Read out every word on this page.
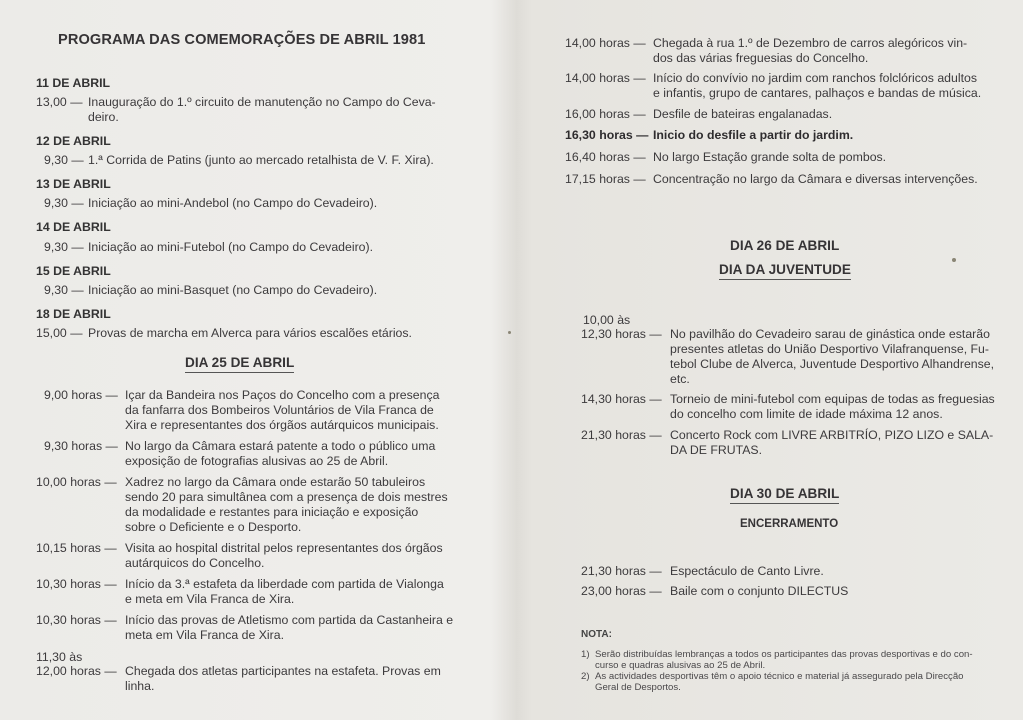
PROGRAMA DAS COMEMORAÇÕES DE ABRIL 1981
11 DE ABRIL
13,00 — Inauguração do 1.º circuito de manutenção no Campo do Ceva-
deiro.
12 DE ABRIL
9,30 — 1.ª Corrida de Patins (junto ao mercado retalhista de V. F. Xira).
13 DE ABRIL
9,30 — Iniciação ao mini-Andebol (no Campo do Cevadeiro).
14 DE ABRIL
9,30 — Iniciação ao mini-Futebol (no Campo do Cevadeiro).
15 DE ABRIL
9,30 — Iniciação ao mini-Basquet (no Campo do Cevadeiro).
18 DE ABRIL
15,00 — Provas de marcha em Alverca para vários escalões etários.
DIA 25 DE ABRIL
9,00 horas — Içar da Bandeira nos Paços do Concelho com a presença
da fanfarra dos Bombeiros Voluntários de Vila Franca de
Xira e representantes dos órgãos autárquicos municipais.
9,30 horas — No largo da Câmara estará patente a todo o público uma
exposição de fotografias alusivas ao 25 de Abril.
10,00 horas — Xadrez no largo da Câmara onde estarão 50 tabuleiros
sendo 20 para simultânea com a presença de dois mestres
da modalidade e restantes para iniciação e exposição
sobre o Deficiente e o Desporto.
10,15 horas — Visita ao hospital distrital pelos representantes dos órgãos
autárquicos do Concelho.
10,30 horas — Início da 3.ª estafeta da liberdade com partida de Vialonga
e meta em Vila Franca de Xira.
10,30 horas — Início das provas de Atletismo com partida da Castanheira e
meta em Vila Franca de Xira.
11,30 às
12,00 horas — Chegada dos atletas participantes na estafeta. Provas em
linha.
14,00 horas — Chegada à rua 1.º de Dezembro de carros alegóricos vin-
dos das várias freguesias do Concelho.
14,00 horas — Início do convívio no jardim com ranchos folclóricos adultos
e infantis, grupo de cantares, palhaços e bandas de música.
16,00 horas — Desfile de bateiras engalanadas.
16,30 horas — Inicio do desfile a partir do jardim.
16,40 horas — No largo Estação grande solta de pombos.
17,15 horas — Concentração no largo da Câmara e diversas intervenções.
DIA 26 DE ABRIL
DIA DA JUVENTUDE
10,00 às
12,30 horas — No pavilhão do Cevadeiro sarau de ginástica onde estarão
presentes atletas do União Desportivo Vilafranquense, Fu-
tebol Clube de Alverca, Juventude Desportivo Alhandrense,
etc.
14,30 horas — Torneio de mini-futebol com equipas de todas as freguesias
do concelho com limite de idade máxima 12 anos.
21,30 horas — Concerto Rock com LIVRE ARBITRÍO, PIZO LIZO e SALA-
DA DE FRUTAS.
DIA 30 DE ABRIL
ENCERRAMENTO
21,30 horas — Espectáculo de Canto Livre.
23,00 horas — Baile com o conjunto DILECTUS
NOTA:
1) Serão distribuídas lembranças a todos os participantes das provas desportivas e do con-
curso e quadras alusivas ao 25 de Abril.
2) As actividades desportivas têm o apoio técnico e material já assegurado pela Direcção
Geral de Desportos.
